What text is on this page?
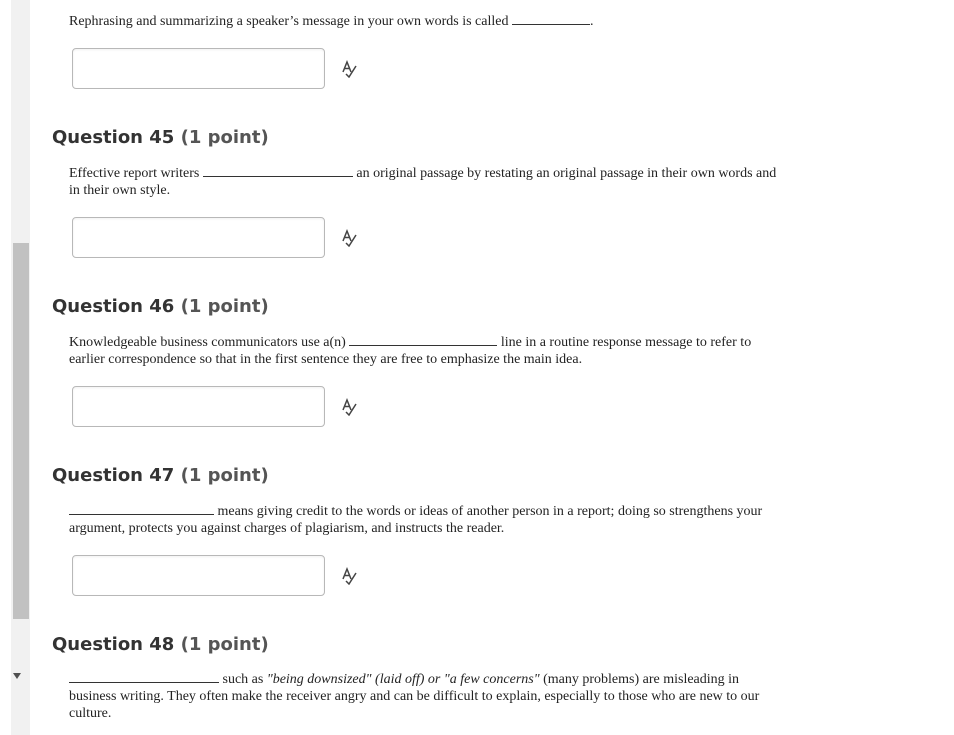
Rephrasing and summarizing a speaker’s message in your own words is called	.
Question 45 (1 point)
Effective report writers	an original passage by restating an original passage in their own words and in their own style.
Question 46 (1 point)
Knowledgeable business communicators use a(n)	line in a routine response message to refer to earlier correspondence so that in the first sentence they are free to emphasize the main idea.
Question 47 (1 point)
means giving credit to the words or ideas of another person in a report; doing so strengthens your argument, protects you against charges of plagiarism, and instructs the reader.
Question 48 (1 point)
such as "being downsized" (laid off) or "a few concerns" (many problems) are misleading in business writing. They often make the receiver angry and can be difficult to explain, especially to those who are new to our culture.
